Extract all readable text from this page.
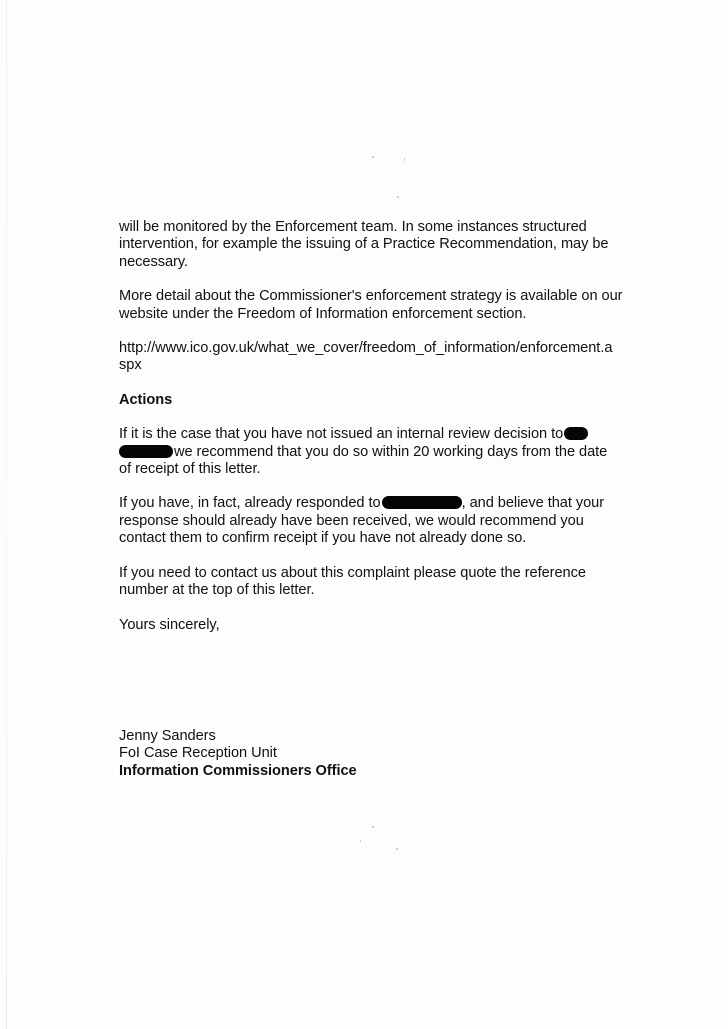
will be monitored by the Enforcement team. In some instances structured intervention, for example the issuing of a Practice Recommendation, may be necessary.

More detail about the Commissioner's enforcement strategy is available on our website under the Freedom of Information enforcement section.

http://www.ico.gov.uk/what_we_cover/freedom_of_information/enforcement.a
spx

Actions

If it is the case that you have not issued an internal review decision to
we recommend that you do so within 20 working days from the date
of receipt of this letter.

If you have, in fact, already responded to	, and believe that your
response should already have been received, we would recommend you
contact them to confirm receipt if you have not already done so.

If you need to contact us about this complaint please quote the reference
number at the top of this letter.

Yours sincerely,

Jenny Sanders

FoI Case Reception Unit

Information Commissioners Office
